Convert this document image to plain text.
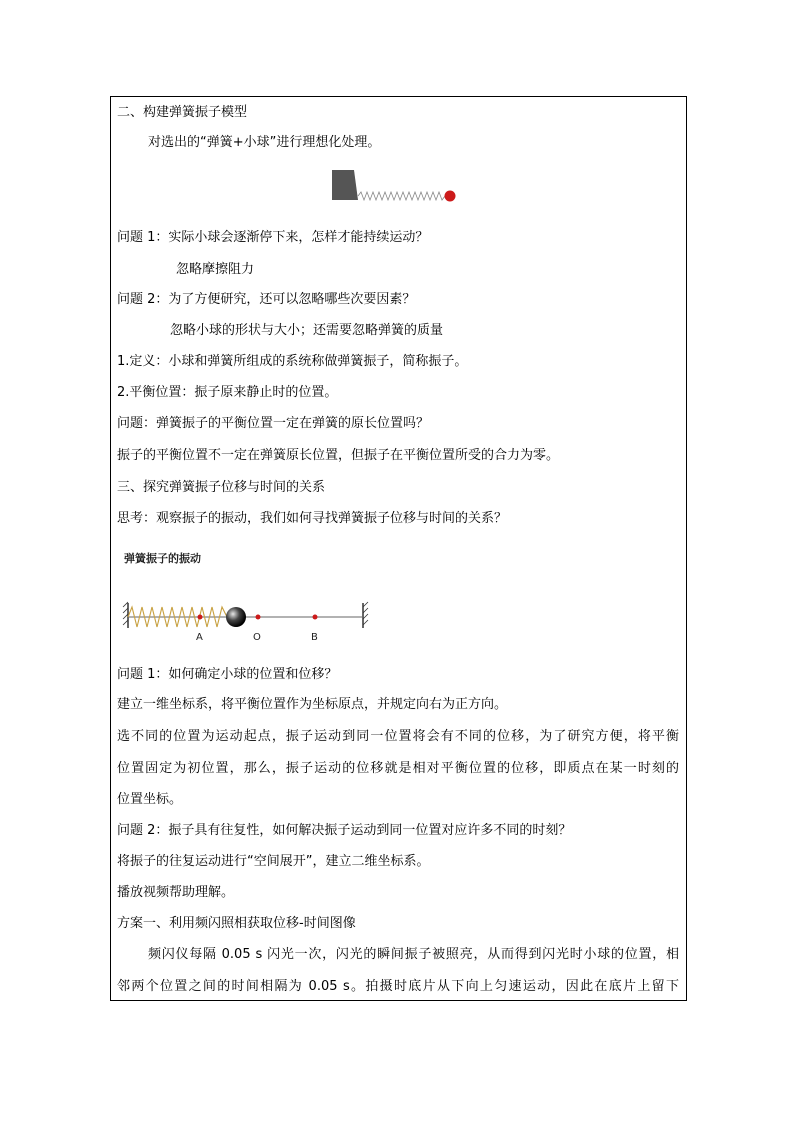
二、构建弹簧振子模型
对选出的“弹簧+小球”进行理想化处理。
问题 1：实际小球会逐渐停下来，怎样才能持续运动？
忽略摩擦阻力
问题 2：为了方便研究，还可以忽略哪些次要因素？
忽略小球的形状与大小；还需要忽略弹簧的质量
1.定义：小球和弹簧所组成的系统称做弹簧振子，简称振子。
2.平衡位置：振子原来静止时的位置。
问题：弹簧振子的平衡位置一定在弹簧的原长位置吗？
振子的平衡位置不一定在弹簧原长位置，但振子在平衡位置所受的合力为零。
三、探究弹簧振子位移与时间的关系
思考：观察振子的振动，我们如何寻找弹簧振子位移与时间的关系？
弹簧振子的振动
A	O	B
问题 1：如何确定小球的位置和位移？
建立一维坐标系，将平衡位置作为坐标原点，并规定向右为正方向。
选不同的位置为运动起点，振子运动到同一位置将会有不同的位移，为了研究方便，将平衡
位置固定为初位置，那么，振子运动的位移就是相对平衡位置的位移，即质点在某一时刻的
位置坐标。
问题 2：振子具有往复性，如何解决振子运动到同一位置对应许多不同的时刻？
将振子的往复运动进行“空间展开”，建立二维坐标系。
播放视频帮助理解。
方案一、利用频闪照相获取位移-时间图像
频闪仪每隔 0.05 s 闪光一次，闪光的瞬间振子被照亮，从而得到闪光时小球的位置，相
邻两个位置之间的时间相隔为 0.05 s。拍摄时底片从下向上匀速运动，因此在底片上留下
